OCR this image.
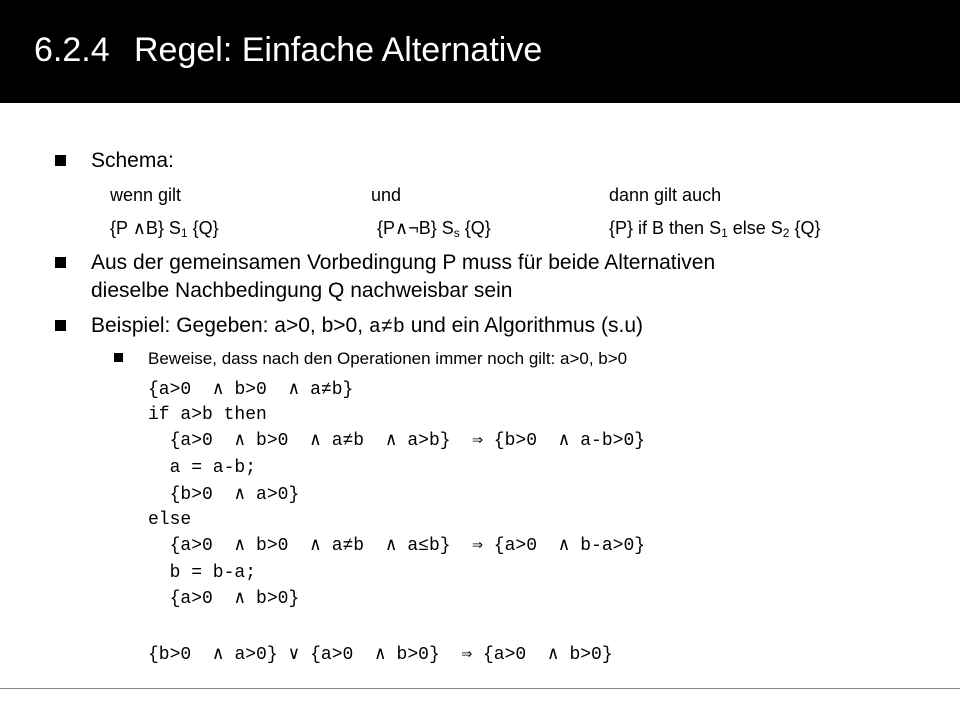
6.2.4 Regel: Einfache Alternative
Schema:
wenn gilt	und	dann gilt auch
{P ∧B} $S_1$ {Q}	{P∧¬B} $S_s$ {Q}	{P} if B then $S_1$ else $S_2$ {Q}
Aus der gemeinsamen Vorbedingung P muss für beide Alternativen
dieselbe Nachbedingung Q nachweisbar sein
Beispiel: Gegeben: a>0, b>0, a≠b und ein Algorithmus (s.u)
Beweise, dass nach den Operationen immer noch gilt: a>0, b>0
{a>0  ∧ b>0  ∧ a≠b}
if a>b then
{a>0  ∧ b>0  ∧ a≠b  ∧ a>b}  ⇒ {b>0  ∧ a-b>0}
a = a-b;
{b>0  ∧ a>0}
else
{a>0  ∧ b>0  ∧ a≠b  ∧ a≤b}  ⇒ {a>0  ∧ b-a>0}
b = b-a;
{a>0  ∧ b>0}
{b>0  ∧ a>0} ∨ {a>0  ∧ b>0}  ⇒ {a>0  ∧ b>0}
